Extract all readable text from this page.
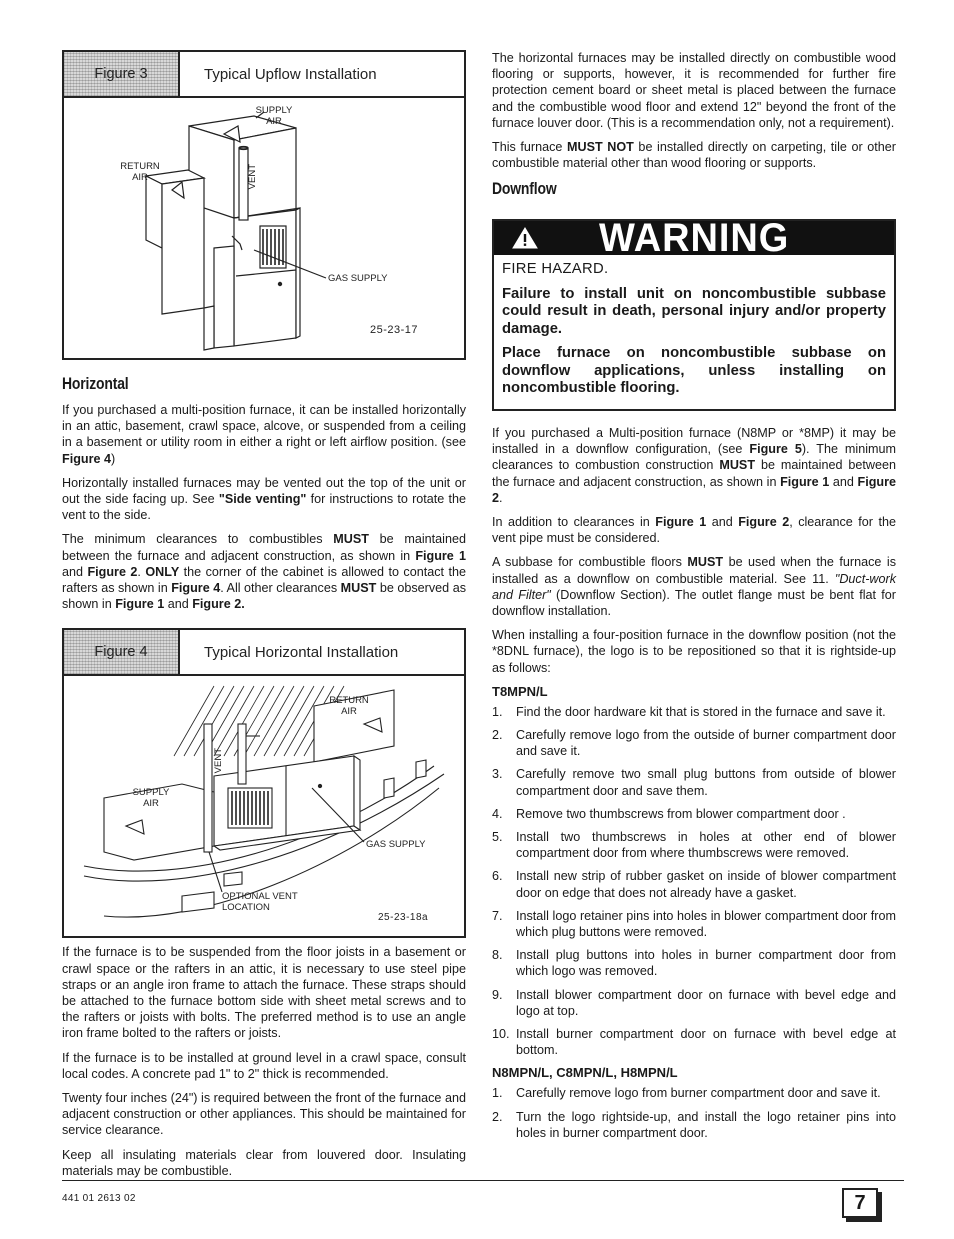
Figure 3	Typical Upflow Installation
SUPPLY AIR
RETURN AIR	VENT
GAS SUPPLY
25-23-17
Horizontal

If you purchased a multi-position furnace, it can be installed horizontally in an attic, basement, crawl space, alcove, or suspended from a ceiling in a basement or utility room in either a right or left airflow position. (see Figure 4)

Horizontally installed furnaces may be vented out the top of the unit or out the side facing up. See "Side venting" for instructions to rotate the vent to the side.

The minimum clearances to combustibles MUST be maintained between the furnace and adjacent construction, as shown in Figure 1 and Figure 2. ONLY the corner of the cabinet is allowed to contact the rafters as shown in Figure 4. All other clearances MUST be observed as shown in Figure 1 and Figure 2.

Figure 4	Typical Horizontal Installation
RETURN AIR
SUPPLY AIR
VENT
GAS SUPPLY
OPTIONAL VENT LOCATION
25-23-18a

If the furnace is to be suspended from the floor joists in a basement or crawl space or the rafters in an attic, it is necessary to use steel pipe straps or an angle iron frame to attach the furnace. These straps should be attached to the furnace bottom side with sheet metal screws and to the rafters or joists with bolts. The preferred method is to use an angle iron frame bolted to the rafters or joists.

If the furnace is to be installed at ground level in a crawl space, consult local codes. A concrete pad 1" to 2" thick is recommended.

Twenty four inches (24") is required between the front of the furnace and adjacent construction or other appliances. This should be maintained for service clearance.

Keep all insulating materials clear from louvered door. Insulating materials may be combustible.

The horizontal furnaces may be installed directly on combustible wood flooring or supports, however, it is recommended for further fire protection cement board or sheet metal is placed between the furnace and the combustible wood floor and extend 12" beyond the front of the furnace louver door. (This is a recommendation only, not a requirement).

This furnace MUST NOT be installed directly on carpeting, tile or other combustible material other than wood flooring or supports.

Downflow
WARNING

FIRE HAZARD.

Failure to install unit on noncombustible subbase could result in death, personal injury and/or property damage.

Place furnace on noncombustible subbase on downflow applications, unless installing on noncombustible flooring.

If you purchased a Multi-position furnace (N8MP or *8MP) it may be installed in a downflow configuration, (see Figure 5). The minimum clearances to combustion construction MUST be maintained between the furnace and adjacent construction, as shown in Figure 1 and Figure 2.

In addition to clearances in Figure 1 and Figure 2, clearance for the vent pipe must be considered.

A subbase for combustible floors MUST be used when the furnace is installed as a downflow on combustible material. See 11. "Duct-work and Filter" (Downflow Section). The outlet flange must be bent flat for downflow installation.

When installing a four-position furnace in the downflow position (not the *8DNL furnace), the logo is to be repositioned so that it is rightside-up as follows:

T8MPN/L
1.	Find the door hardware kit that is stored in the furnace and save it.
2.	Carefully remove logo from the outside of burner compartment door and save it.
3.	Carefully remove two small plug buttons from outside of blower compartment door and save them.
4.	Remove two thumbscrews from blower compartment door .
5.	Install two thumbscrews in holes at other end of blower compartment door from where thumbscrews were removed.
6.	Install new strip of rubber gasket on inside of blower compartment door on edge that does not already have a gasket.
7.	Install logo retainer pins into holes in blower compartment door from which plug buttons were removed.
8.	Install plug buttons into holes in burner compartment door from which logo was removed.
9.	Install blower compartment door on furnace with bevel edge and logo at top.
10. Install burner compartment door on furnace with bevel edge at bottom.
N8MPN/L, C8MPN/L, H8MPN/L
1.	Carefully remove logo from burner compartment door and save it.
2.	Turn the logo rightside-up, and install the logo retainer pins into holes in burner compartment door.
441 01 2613 02	7
